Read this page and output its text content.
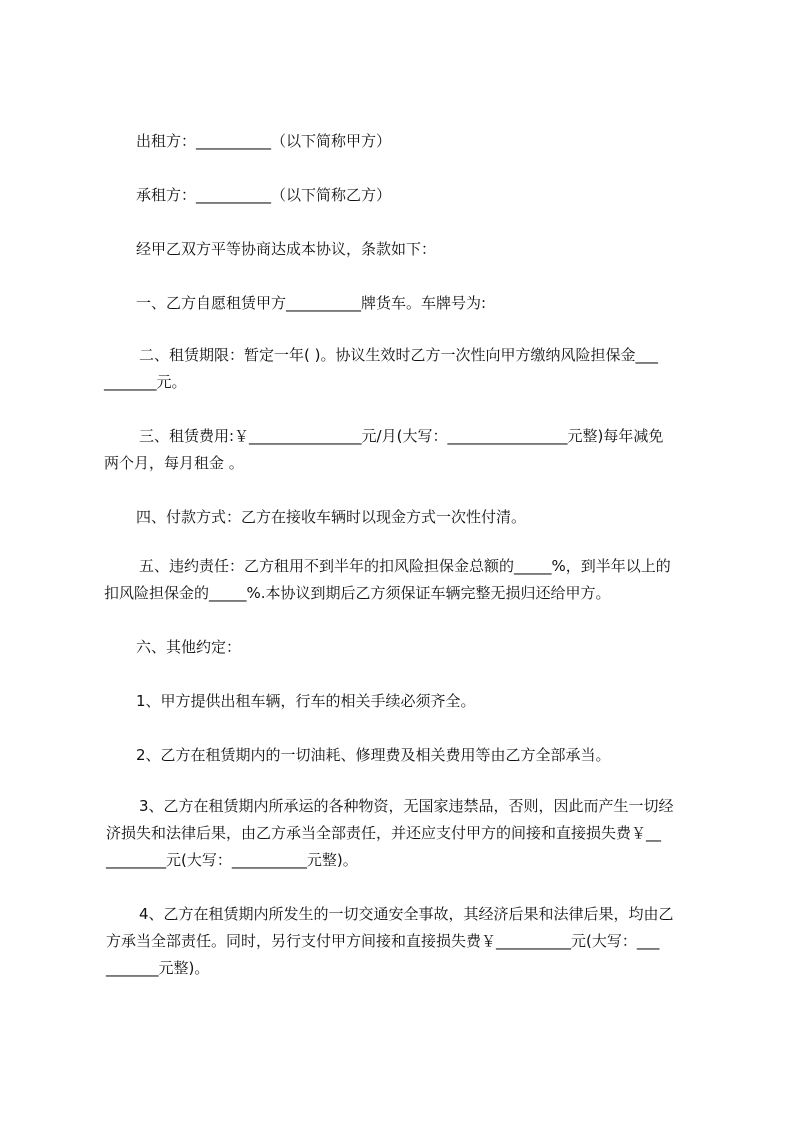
出租方：__________（以下简称甲方）
承租方：__________（以下简称乙方）
经甲乙双方平等协商达成本协议，条款如下：
一、乙方自愿租赁甲方__________牌货车。车牌号为:
二、租赁期限：暂定一年( )。协议生效时乙方一次性向甲方缴纳风险担保金___
_______元。
三、租赁费用:￥_______________元/月(大写：________________元整)每年减免
两个月，每月租金 。
四、付款方式：乙方在接收车辆时以现金方式一次性付清。
五、违约责任：乙方租用不到半年的扣风险担保金总额的_____%，到半年以上的
扣风险担保金的_____%.本协议到期后乙方须保证车辆完整无损归还给甲方。
六、其他约定：
1、甲方提供出租车辆，行车的相关手续必须齐全。
2、乙方在租赁期内的一切油耗、修理费及相关费用等由乙方全部承当。
3、乙方在租赁期内所承运的各种物资，无国家违禁品，否则，因此而产生一切经
济损失和法律后果，由乙方承当全部责任，并还应支付甲方的间接和直接损失费￥__
________元(大写：__________元整)。
4、乙方在租赁期内所发生的一切交通安全事故，其经济后果和法律后果，均由乙
方承当全部责任。同时，另行支付甲方间接和直接损失费￥__________元(大写：___
_______元整)。
